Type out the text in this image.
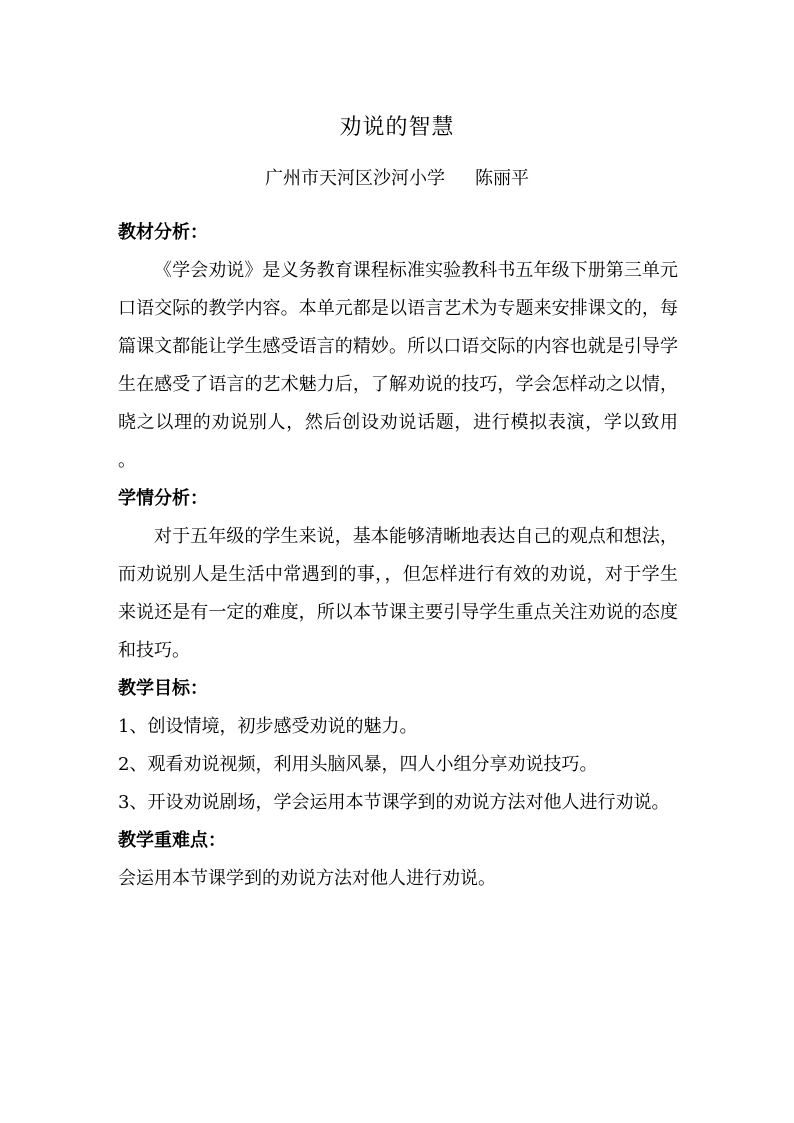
劝说的智慧
广州市天河区沙河小学 陈丽平

教材分析：

《学会劝说》是义务教育课程标准实验教科书五年级下册第三单元口语交际的教学内容。本单元都是以语言艺术为专题来安排课文的，每篇课文都能让学生感受语言的精妙。所以口语交际的内容也就是引导学生在感受了语言的艺术魅力后，了解劝说的技巧，学会怎样动之以情，晓之以理的劝说别人，然后创设劝说话题，进行模拟表演，学以致用 。

学情分析：

对于五年级的学生来说，基本能够清晰地表达自己的观点和想法，而劝说别人是生活中常遇到的事，，但怎样进行有效的劝说，对于学生来说还是有一定的难度，所以本节课主要引导学生重点关注劝说的态度和技巧。

教学目标：

1、创设情境，初步感受劝说的魅力。

2、观看劝说视频，利用头脑风暴，四人小组分享劝说技巧。

3、开设劝说剧场，学会运用本节课学到的劝说方法对他人进行劝说。

教学重难点：

会运用本节课学到的劝说方法对他人进行劝说。
